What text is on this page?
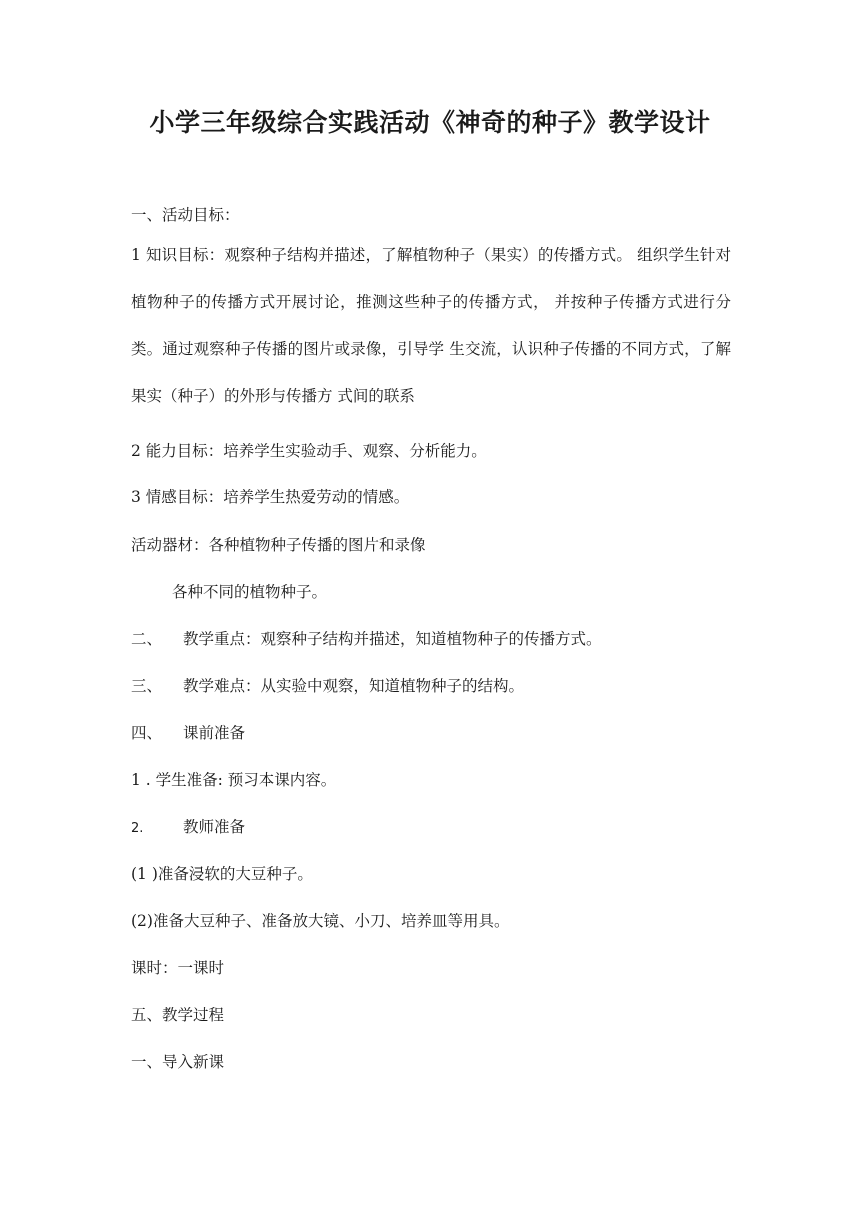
小学三年级综合实践活动《神奇的种子》教学设计
一、活动目标：
1 知识目标：观察种子结构并描述，了解植物种子（果实）的传播方式。 组织学生针对植物种子的传播方式开展讨论，推测这些种子的传播方式， 并按种子传播方式进行分类。通过观察种子传播的图片或录像，引导学 生交流，认识种子传播的不同方式，了解果实（种子）的外形与传播方 式间的联系
2 能力目标：培养学生实验动手、观察、分析能力。
3 情感目标：培养学生热爱劳动的情感。
活动器材：各种植物种子传播的图片和录像
各种不同的植物种子。
二、 教学重点：观察种子结构并描述，知道植物种子的传播方式。
三、 教学难点：从实验中观察，知道植物种子的结构。
四、 课前准备
1 . 学生准备: 预习本课内容。
2.	教师准备
(1 )准备浸软的大豆种子。
(2)准备大豆种子、准备放大镜、小刀、培养皿等用具。
课时：一课时
五、教学过程
一、导入新课
